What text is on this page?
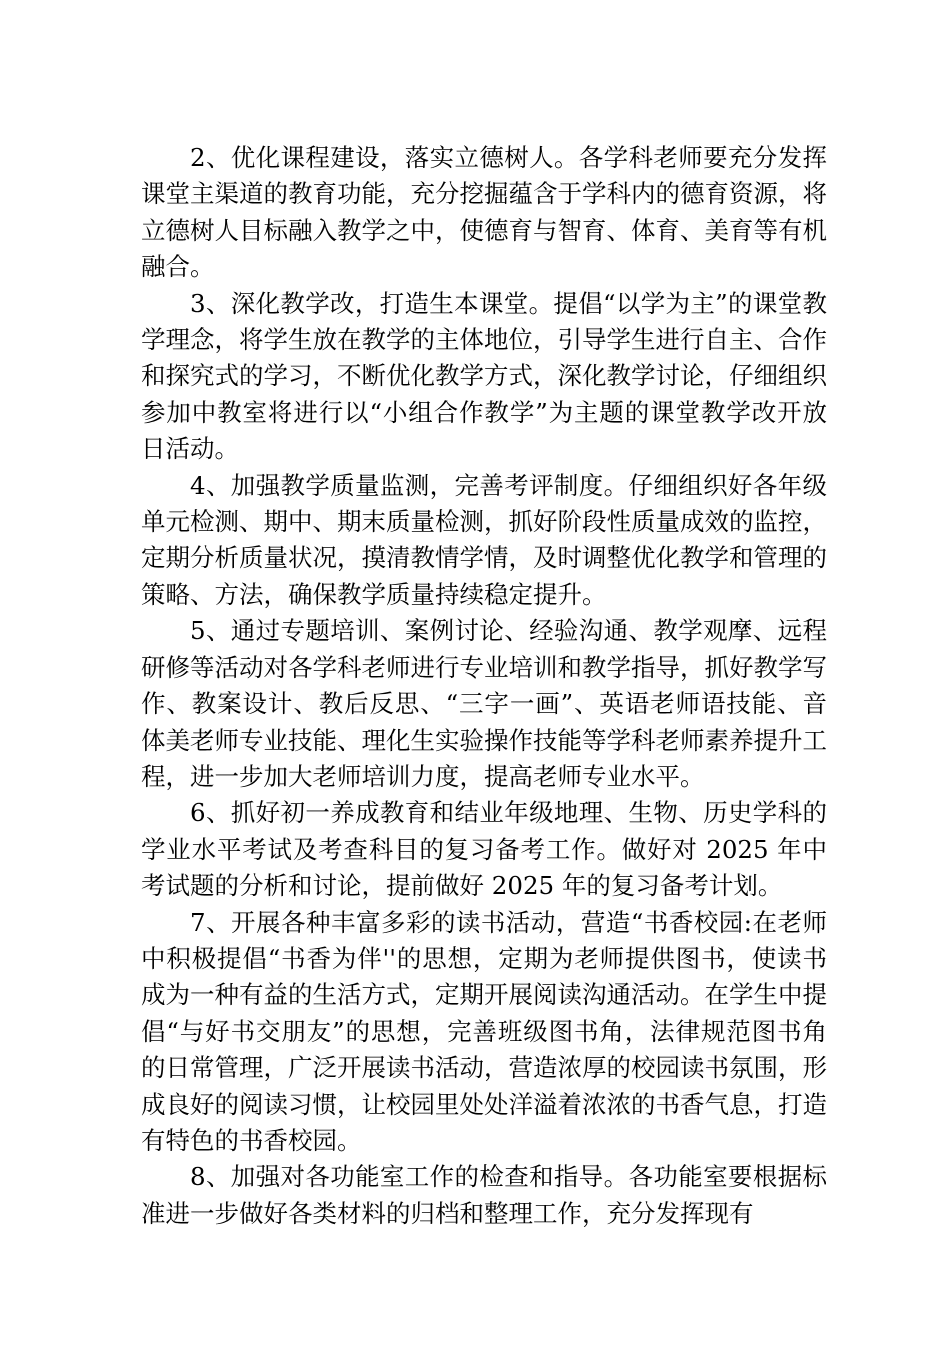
2、优化课程建设，落实立德树人。各学科老师要充分发挥课堂主渠道的教育功能，充分挖掘蕴含于学科内的德育资源，将立德树人目标融入教学之中，使德育与智育、体育、美育等有机融合。

3、深化教学改，打造生本课堂。提倡“以学为主”的课堂教学理念，将学生放在教学的主体地位，引导学生进行自主、合作和探究式的学习，不断优化教学方式，深化教学讨论，仔细组织参加中教室将进行以“小组合作教学”为主题的课堂教学改开放日活动。

4、加强教学质量监测，完善考评制度。仔细组织好各年级单元检测、期中、期末质量检测，抓好阶段性质量成效的监控，定期分析质量状况，摸清教情学情，及时调整优化教学和管理的策略、方法，确保教学质量持续稳定提升。

5、通过专题培训、案例讨论、经验沟通、教学观摩、远程研修等活动对各学科老师进行专业培训和教学指导，抓好教学写作、教案设计、教后反思、“三字一画”、英语老师语技能、音体美老师专业技能、理化生实验操作技能等学科老师素养提升工程，进一步加大老师培训力度，提高老师专业水平。

6、抓好初一养成教育和结业年级地理、生物、历史学科的学业水平考试及考查科目的复习备考工作。做好对 2025 年中考试题的分析和讨论，提前做好 2025 年的复习备考计划。

7、开展各种丰富多彩的读书活动，营造“书香校园:在老师中积极提倡“书香为伴''的思想，定期为老师提供图书，使读书成为一种有益的生活方式，定期开展阅读沟通活动。在学生中提倡“与好书交朋友”的思想，完善班级图书角，法律规范图书角的日常管理，广泛开展读书活动，营造浓厚的校园读书氛围，形成良好的阅读习惯，让校园里处处洋溢着浓浓的书香气息，打造有特色的书香校园。

8、加强对各功能室工作的检查和指导。各功能室要根据标准进一步做好各类材料的归档和整理工作，充分发挥现有
